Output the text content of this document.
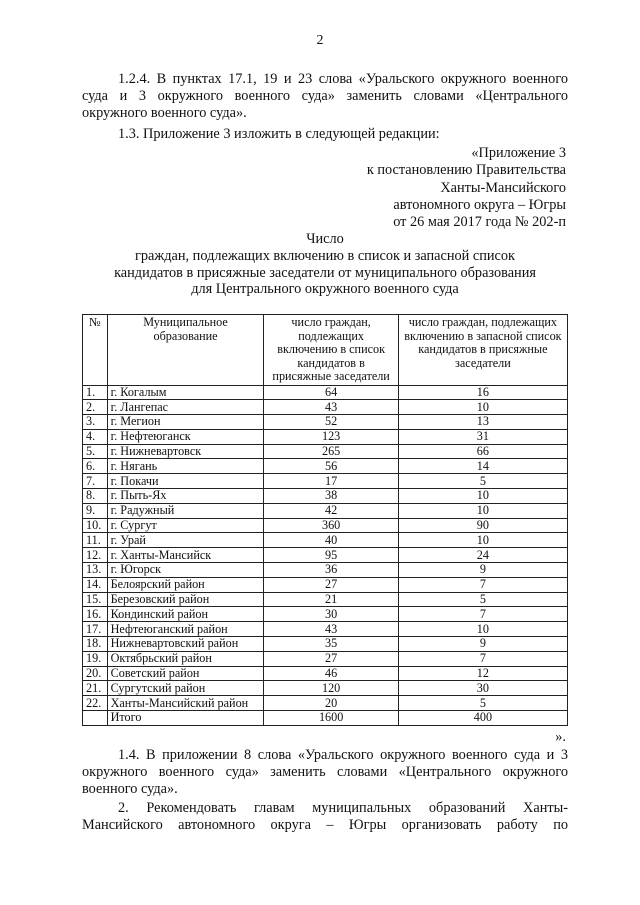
2
1.2.4. В пунктах 17.1, 19 и 23 слова «Уральского окружного военного суда и 3 окружного военного суда» заменить словами «Центрального окружного военного суда».
1.3. Приложение 3 изложить в следующей редакции:
«Приложение 3
к постановлению Правительства
Ханты-Мансийского
автономного округа – Югры
от 26 мая 2017 года № 202-п
Число
граждан, подлежащих включению в список и запасной список
кандидатов в присяжные заседатели от муниципального образования
для Центрального окружного военного суда
№	Муниципальное образование	число граждан, подлежащих включению в список кандидатов в присяжные заседатели	число граждан, подлежащих включению в запасной список кандидатов в присяжные заседатели
1.	г. Когалым	64	16
2.	г. Лангепас	43	10
3.	г. Мегион	52	13
4.	г. Нефтеюганск	123	31
5.	г. Нижневартовск	265	66
6.	г. Нягань	56	14
7.	г. Покачи	17	5
8.	г. Пыть-Ях	38	10
9.	г. Радужный	42	10
10.	г. Сургут	360	90
11.	г. Урай	40	10
12.	г. Ханты-Мансийск	95	24
13.	г. Югорск	36	9
14.	Белоярский район	27	7
15.	Березовский район	21	5
16.	Кондинский район	30	7
17.	Нефтеюганский район	43	10
18.	Нижневартовский район	35	9
19.	Октябрьский район	27	7
20.	Советский район	46	12
21.	Сургутский район	120	30
22.	Ханты-Мансийский район	20	5
	Итого	1600	400
».
1.4. В приложении 8 слова «Уральского окружного военного суда и 3 окружного военного суда» заменить словами «Центрального окружного военного суда».
2. Рекомендовать главам муниципальных образований Ханты-Мансийского автономного округа – Югры организовать работу по
